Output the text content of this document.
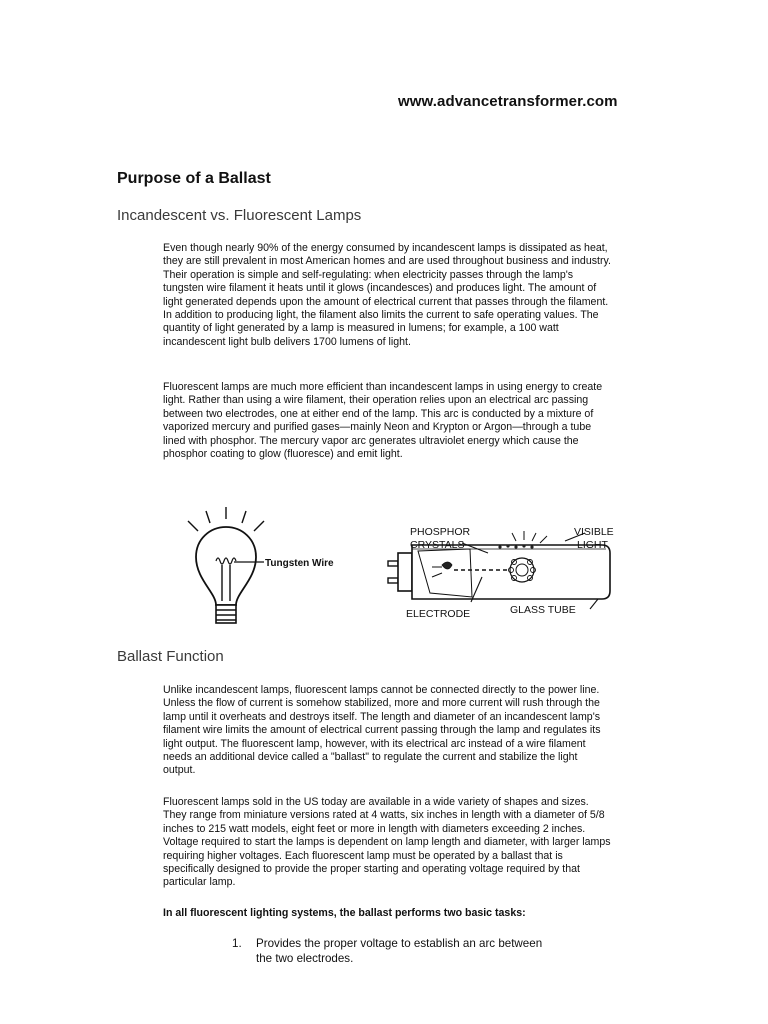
www.advancetransformer.com
Purpose of a Ballast
Incandescent vs. Fluorescent Lamps

Even though nearly 90% of the energy consumed by incandescent lamps is dissipated as heat, they are still prevalent in most American homes and are used throughout business and industry. Their operation is simple and self-regulating: when electricity passes through the lamp's tungsten wire filament it heats until it glows (incandesces) and produces light. The amount of light generated depends upon the amount of electrical current that passes through the filament. In addition to producing light, the filament also limits the current to safe operating values. The quantity of light generated by a lamp is measured in lumens; for example, a 100 watt incandescent light bulb delivers 1700 lumens of light.

Fluorescent lamps are much more efficient than incandescent lamps in using energy to create light. Rather than using a wire filament, their operation relies upon an electrical arc passing between two electrodes, one at either end of the lamp. This arc is conducted by a mixture of vaporized mercury and purified gases—mainly Neon and Krypton or Argon—through a tube lined with phosphor. The mercury vapor arc generates ultraviolet energy which cause the phosphor coating to glow (fluoresce) and emit light.

Tungsten Wire
PHOSPHOR
CRYSTALS
VISIBLE
LIGHT
ELECTRODE	GLASS TUBE
Ballast Function

Unlike incandescent lamps, fluorescent lamps cannot be connected directly to the power line. Unless the flow of current is somehow stabilized, more and more current will rush through the lamp until it overheats and destroys itself. The length and diameter of an incandescent lamp's filament wire limits the amount of electrical current passing through the lamp and regulates its light output. The fluorescent lamp, however, with its electrical arc instead of a wire filament needs an additional device called a "ballast" to regulate the current and stabilize the light output.

Fluorescent lamps sold in the US today are available in a wide variety of shapes and sizes. They range from miniature versions rated at 4 watts, six inches in length with a diameter of 5/8 inches to 215 watt models, eight feet or more in length with diameters exceeding 2 inches. Voltage required to start the lamps is dependent on lamp length and diameter, with larger lamps requiring higher voltages. Each fluorescent lamp must be operated by a ballast that is specifically designed to provide the proper starting and operating voltage required by that particular lamp.

In all fluorescent lighting systems, the ballast performs two basic tasks:

1. Provides the proper voltage to establish an arc between the two electrodes.
